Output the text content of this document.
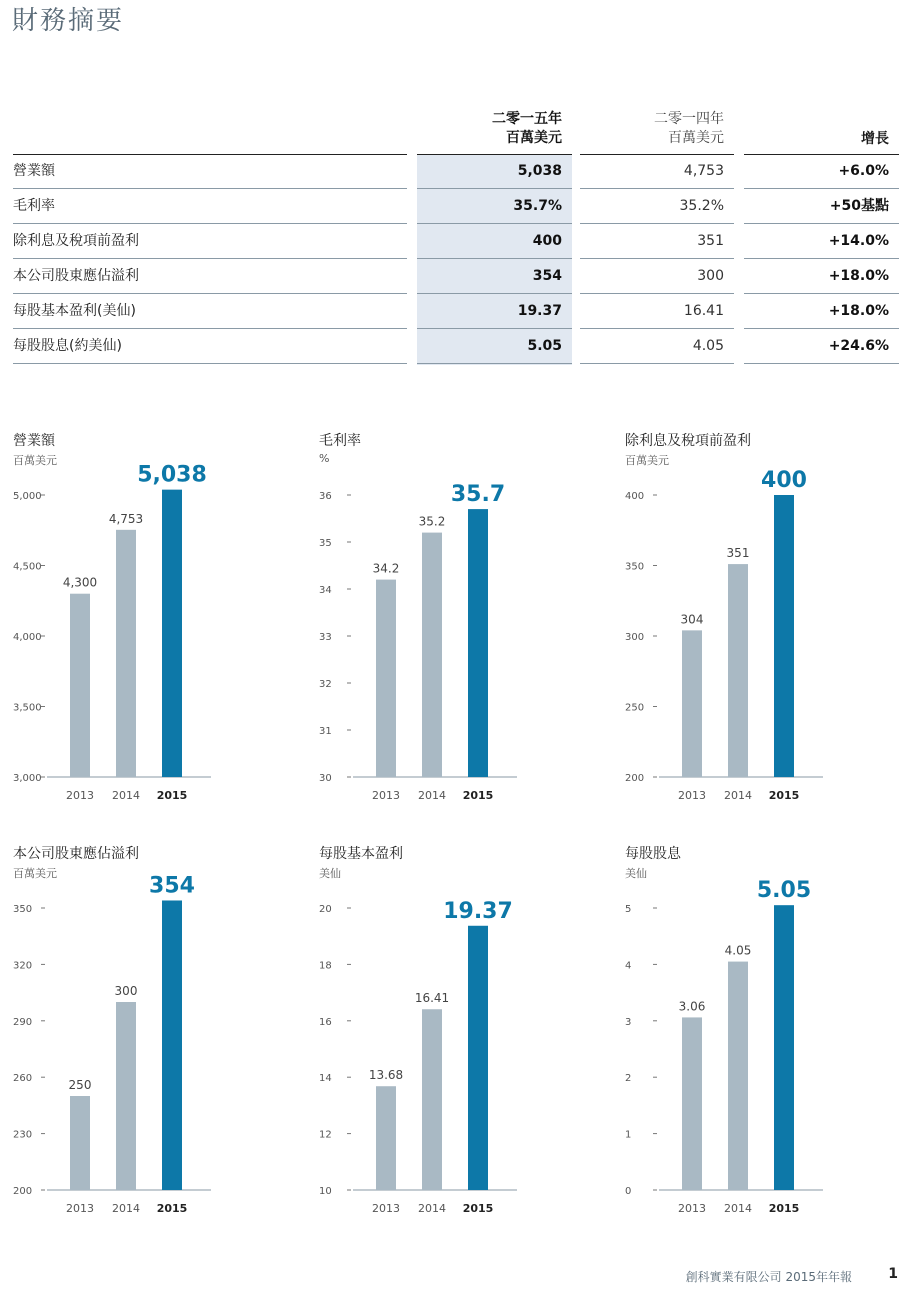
財務摘要
二零一五年
百萬美元
二零一四年
百萬美元	增長
營業額	5,038	4,753	+6.0%
毛利率	35.7%	35.2%	+50基點
除利息及稅項前盈利	400	351	+14.0%
本公司股東應佔溢利	354	300	+18.0%
每股基本盈利(美仙)	19.37	16.41	+18.0%
每股股息(約美仙)	5.05	4.05	+24.6%
營業額
百萬美元
3,000
3,500
4,000
4,500
5,000
4,300
2013
4,753
2014
5,038
2015
毛利率
%
30
31
32
33
34
35
36
34.2
2013
35.2
2014
35.7
2015
除利息及稅項前盈利
百萬美元
200
250
300
350
400
304
2013
351
2014
400
2015
本公司股東應佔溢利
百萬美元
200
230
260
290
320
350
250
2013
300
2014
354
2015
每股基本盈利
美仙
10
12
14
16
18
20
13.68
2013
16.41
2014
19.37
2015
每股股息
美仙
0
1
2
3
4
5
3.06
2013
4.05
2014
5.05
2015
創科實業有限公司 2015年年報	1
